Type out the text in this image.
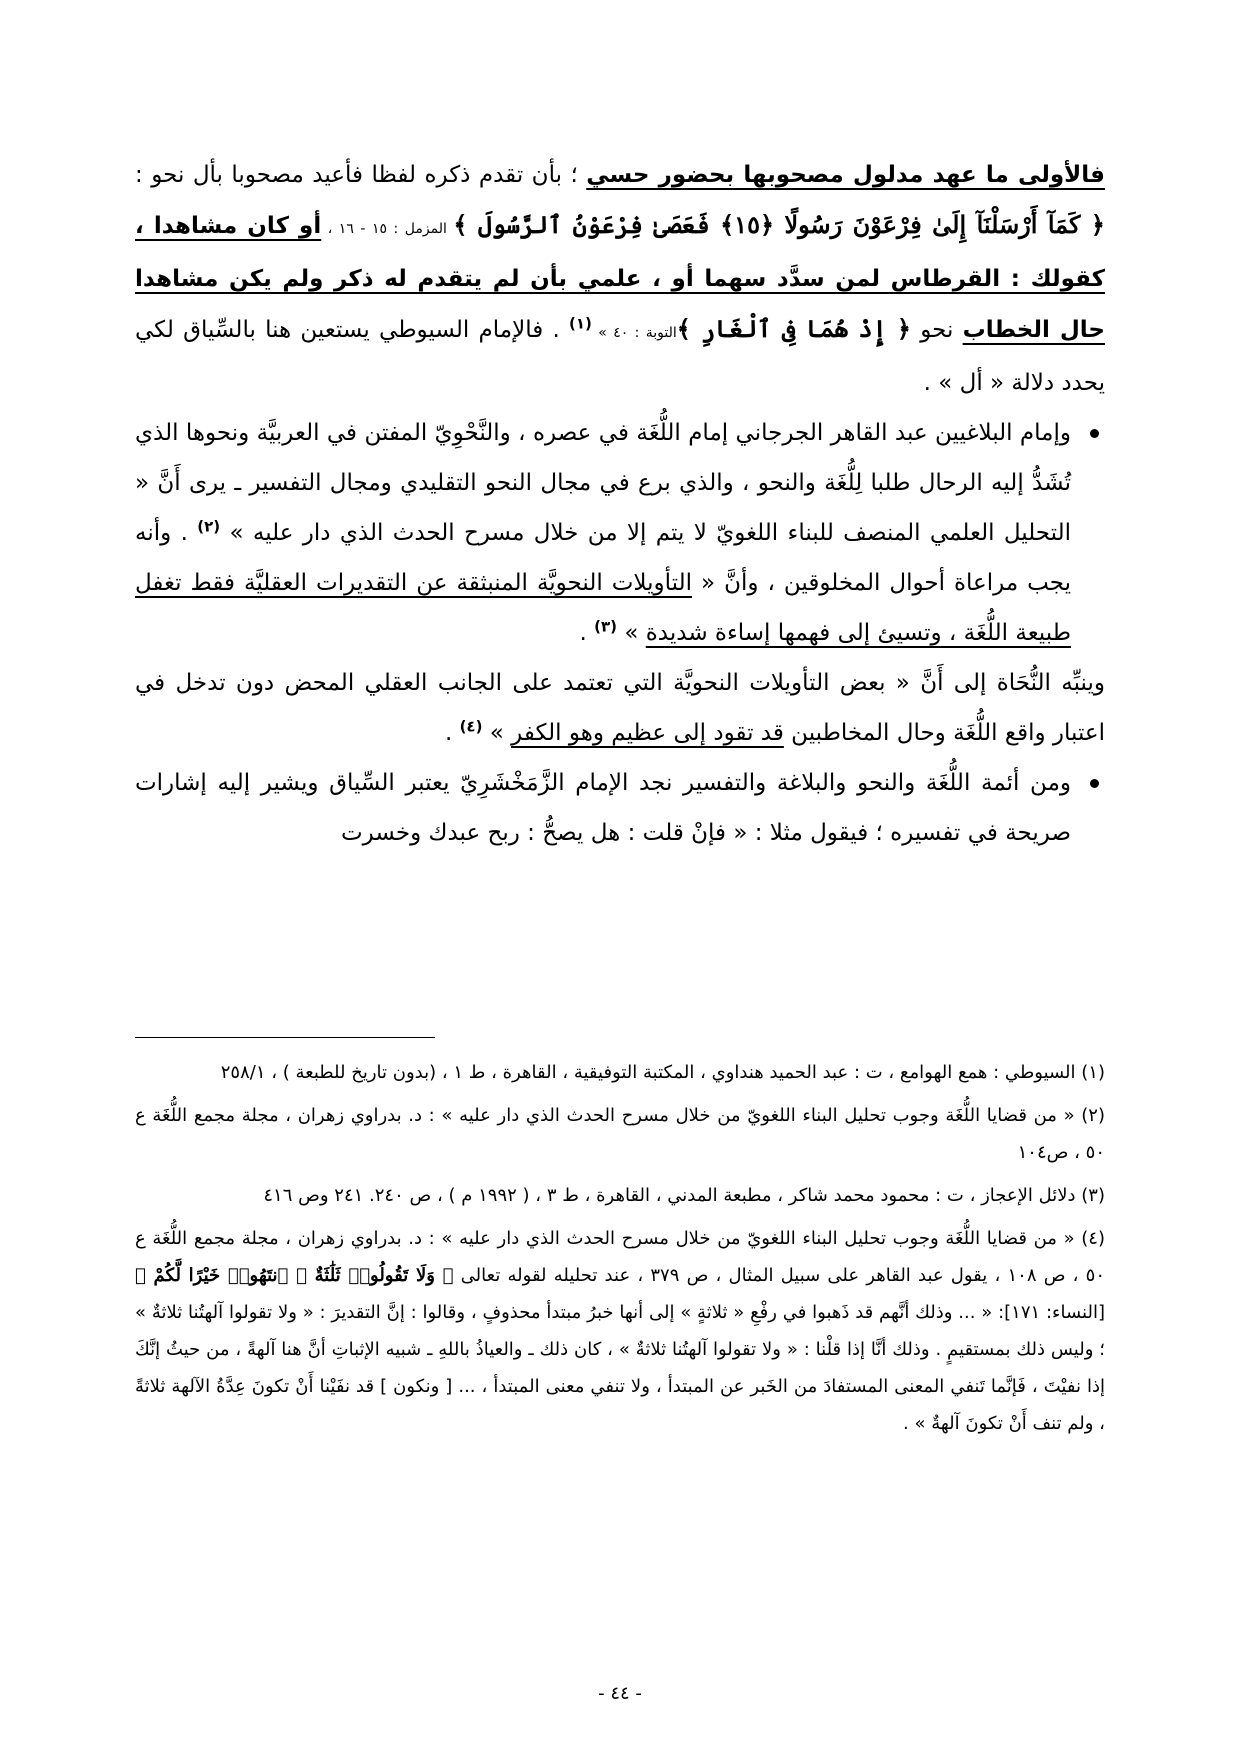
فالأولى ما عهد مدلول مصحوبها بحضور حسي ؛ بأن تقدم ذكره لفظا فأعيد مصحوبا بأل نحو : ﴿ كَمَآ أَرْسَلْنَآ إِلَىٰ فِرْعَوْنَ رَسُولًا ﴿١٥﴾ فَعَصَىٰ فِرْعَوْنُ ٱلرَّسُولَ ﴾ المزمل : ١٥ - ١٦ ، أو كان مشاهدا ، كقولك : القرطاس لمن سدَّد سهما أو ، علمي بأن لم يتقدم له ذكر ولم يكن مشاهدا حال الخطاب نحو ﴿ إِذْ هُمَا فِى ٱلْغَارِ ﴾التوبة : ٤٠ » $^{(١)}$ . فالإمام السيوطي يستعين هنا بالسِّياق لكي يحدد دلالة « أل » .

وإمام البلاغيين عبد القاهر الجرجاني إمام اللُّغَة في عصره ، والنَّحْوِيّ المفتن في العربيَّة ونحوها الذي تُشَدُّ إليه الرحال طلبا لِلُّغَة والنحو ، والذي برع في مجال النحو التقليدي ومجال التفسير ـ يرى أَنَّ « التحليل العلمي المنصف للبناء اللغويّ لا يتم إلا من خلال مسرح الحدث الذي دار عليه » $^{(٢)}$ . وأنه يجب مراعاة أحوال المخلوقين ، وأنَّ « التأويلات النحويَّة المنبثقة عن التقديرات العقليَّة فقط تغفل طبيعة اللُّغَة ، وتسيئ إلى فهمها إساءة شديدة » $^{(٣)}$ .

وينبِّه النُّحَاة إلى أَنَّ « بعض التأويلات النحويَّة التي تعتمد على الجانب العقلي المحض دون تدخل في اعتبار واقع اللُّغَة وحال المخاطبين قد تقود إلى عظيم وهو الكفر » $^{(٤)}$ .

ومن أئمة اللُّغَة والنحو والبلاغة والتفسير نجد الإمام الزَّمَخْشَرِيّ يعتبر السِّياق ويشير إليه إشارات صريحة في تفسيره ؛ فيقول مثلا : « فإنْ قلت : هل يصحُّ : ربح عبدك وخسرت

(١) السيوطي : همع الهوامع ، ت : عبد الحميد هنداوي ، المكتبة التوفيقية ، القاهرة ، ط ١ ، (بدون تاريخ للطبعة ) ، ٢٥٨/١

(٢) « من قضايا اللُّغَة وجوب تحليل البناء اللغويّ من خلال مسرح الحدث الذي دار عليه » : د. بدراوي زهران ، مجلة مجمع اللُّغَة ع ٥٠ ، ص١٠٤

(٣) دلائل الإعجاز ، ت : محمود محمد شاكر ، مطبعة المدني ، القاهرة ، ط ٣ ، ( ١٩٩٢ م ) ، ص ٢٤٠. ٢٤١ وص ٤١٦

(٤) « من قضايا اللُّغَة وجوب تحليل البناء اللغويّ من خلال مسرح الحدث الذي دار عليه » : د. بدراوي زهران ، مجلة مجمع اللُّغَة ع ٥٠ ، ص ١٠٨ ، يقول عبد القاهر على سبيل المثال ، ص ٣٧٩ ، عند تحليله لقوله تعالى ﴿ وَلَا تَقُولُوا۟ ثَلَٰثَةٌ ۚ ٱنتَهُوا۟ خَيْرًا لَّكُمْ ﴾ [النساء: ١٧١]: « ... وذلك أنَّهم قد ذَهبوا في رفْعِ « ثلاثةٍ » إلى أنها خبرُ مبتدأ محذوفٍ ، وقالوا : إنَّ التقديرَ : « ولا تقولوا آلهتُنا ثلاثةٌ » ؛ وليس ذلك بمستقيمٍ . وذلك أنَّا إذا قلْنا : « ولا تقولوا آلهتُنا ثلاثةٌ » ، كان ذلك ـ والعياذُ باللهِ ـ شبيه الإثباتِ أنَّ هنا آلهةً ، من حيثُ إنَّكَ إذا نفيْتَ ، فَإنَّما تَنفي المعنى المستفادَ من الخَبر عن المبتدأ ، ولا تنفي معنى المبتدأ ، ... [ ونكون ] قد نفَيْنا أَنْ تكونَ عِدَّةُ الآلهة ثلاثةً ، ولم تنف أَنْ تكونَ آلهةٌ » .

- ٤٤ -
